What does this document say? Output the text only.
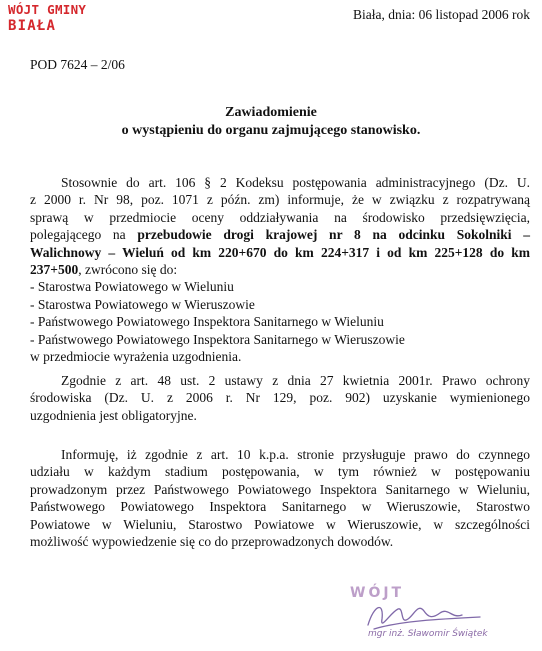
WÓJT GMINY
BIAŁA
Biała, dnia: 06 listopad 2006 rok
POD 7624 – 2/06
Zawiadomienie
o wystąpieniu do organu zajmującego stanowisko.

Stosownie do art. 106 § 2 Kodeksu postępowania administracyjnego (Dz. U.

z 2000 r. Nr 98, poz. 1071 z późn. zm) informuje, że w związku z rozpatrywaną

sprawą w przedmiocie oceny oddziaływania na środowisko przedsięwzięcia,

polegającego na przebudowie drogi krajowej nr 8 na odcinku Sokolniki –

Walichnowy – Wieluń od km 220+670 do km 224+317 i od km 225+128 do km

237+500, zwrócono się do:

- Starostwa Powiatowego w Wieluniu

- Starostwa Powiatowego w Wieruszowie

- Państwowego Powiatowego Inspektora Sanitarnego w Wieluniu

- Państwowego Powiatowego Inspektora Sanitarnego w Wieruszowie

w przedmiocie wyrażenia uzgodnienia.

Zgodnie z art. 48 ust. 2 ustawy z dnia 27 kwietnia 2001r. Prawo ochrony

środowiska (Dz. U. z 2006 r. Nr 129, poz. 902) uzyskanie wymienionego

uzgodnienia jest obligatoryjne.

Informuję, iż zgodnie z art. 10 k.p.a. stronie przysługuje prawo do czynnego

udziału w każdym stadium postępowania, w tym również w postępowaniu

prowadzonym przez Państwowego Powiatowego Inspektora Sanitarnego w Wieluniu,

Państwowego Powiatowego Inspektora Sanitarnego w Wieruszowie, Starostwo

Powiatowe w Wieluniu, Starostwo Powiatowe w Wieruszowie, w szczególności

możliwość wypowiedzenie się co do przeprowadzonych dowodów.

WÓJT
mgr inż. Sławomir Świątek
